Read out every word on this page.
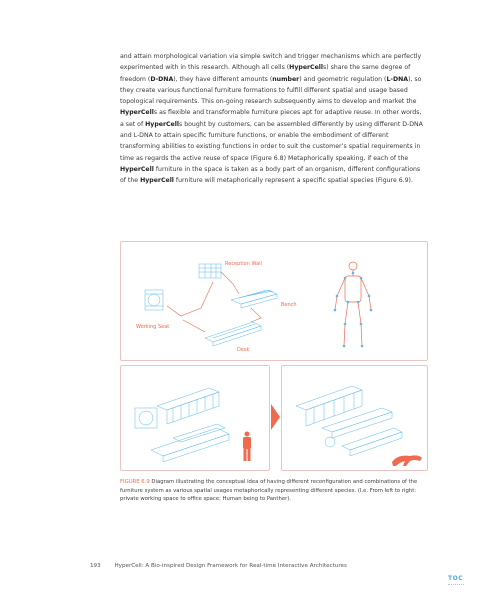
and attain morphological variation via simple switch and trigger mechanisms which are perfectly experimented with in this research. Although all cells (HyperCells) share the same degree of freedom (D-DNA), they have different amounts (number) and geometric regulation (L-DNA), so they create various functional furniture formations to fulfill different spatial and usage based topological requirements. This on-going research subsequently aims to develop and market the HyperCells as flexible and transformable furniture pieces apt for adaptive reuse. In other words, a set of HyperCells bought by customers, can be assembled differently by using different D-DNA and L-DNA to attain specific furniture functions, or enable the embodiment of different transforming abilities to existing functions in order to suit the customer’s spatial requirements in time as regards the active reuse of space (Figure 6.8) Metaphorically speaking, if each of the HyperCell furniture in the space is taken as a body part of an organism, different configurations of the HyperCell furniture will metaphorically represent a specific spatial species (Figure 6.9).

Reception Wall
Bench
Working Seat
Desk

FIGURE 6.9 Diagram illustrating the conceptual idea of having different reconfiguration and combinations of the furniture system as various spatial usages metaphorically representing different species. (I.e. From left to right: private working space to office space; Human being to Panther).

193 HyperCell: A Bio-inspired Design Framework for Real-time Interactive Architectures
TOC
